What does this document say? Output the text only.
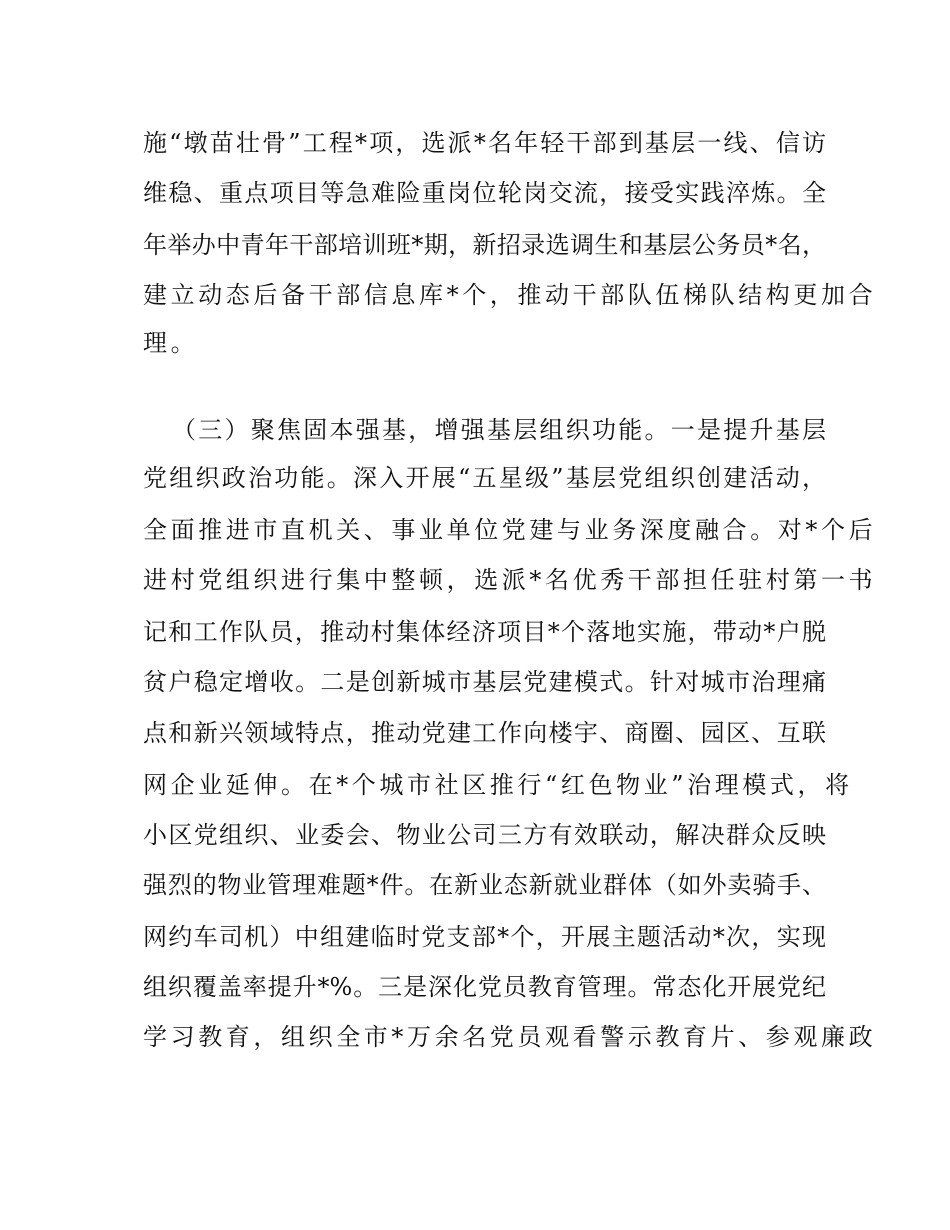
施“墩苗壮骨”工程*项，选派*名年轻干部到基层一线、信访
维稳、重点项目等急难险重岗位轮岗交流，接受实践淬炼。全
年举办中青年干部培训班*期，新招录选调生和基层公务员*名，
建立动态后备干部信息库*个，推动干部队伍梯队结构更加合
理。
（三）聚焦固本强基，增强基层组织功能。一是提升基层
党组织政治功能。深入开展“五星级”基层党组织创建活动，
全面推进市直机关、事业单位党建与业务深度融合。对*个后
进村党组织进行集中整顿，选派*名优秀干部担任驻村第一书
记和工作队员，推动村集体经济项目*个落地实施，带动*户脱
贫户稳定增收。二是创新城市基层党建模式。针对城市治理痛
点和新兴领域特点，推动党建工作向楼宇、商圈、园区、互联
网企业延伸。在*个城市社区推行“红色物业”治理模式，将
小区党组织、业委会、物业公司三方有效联动，解决群众反映
强烈的物业管理难题*件。在新业态新就业群体（如外卖骑手、
网约车司机）中组建临时党支部*个，开展主题活动*次，实现
组织覆盖率提升*%。三是深化党员教育管理。常态化开展党纪
学习教育，组织全市*万余名党员观看警示教育片、参观廉政
